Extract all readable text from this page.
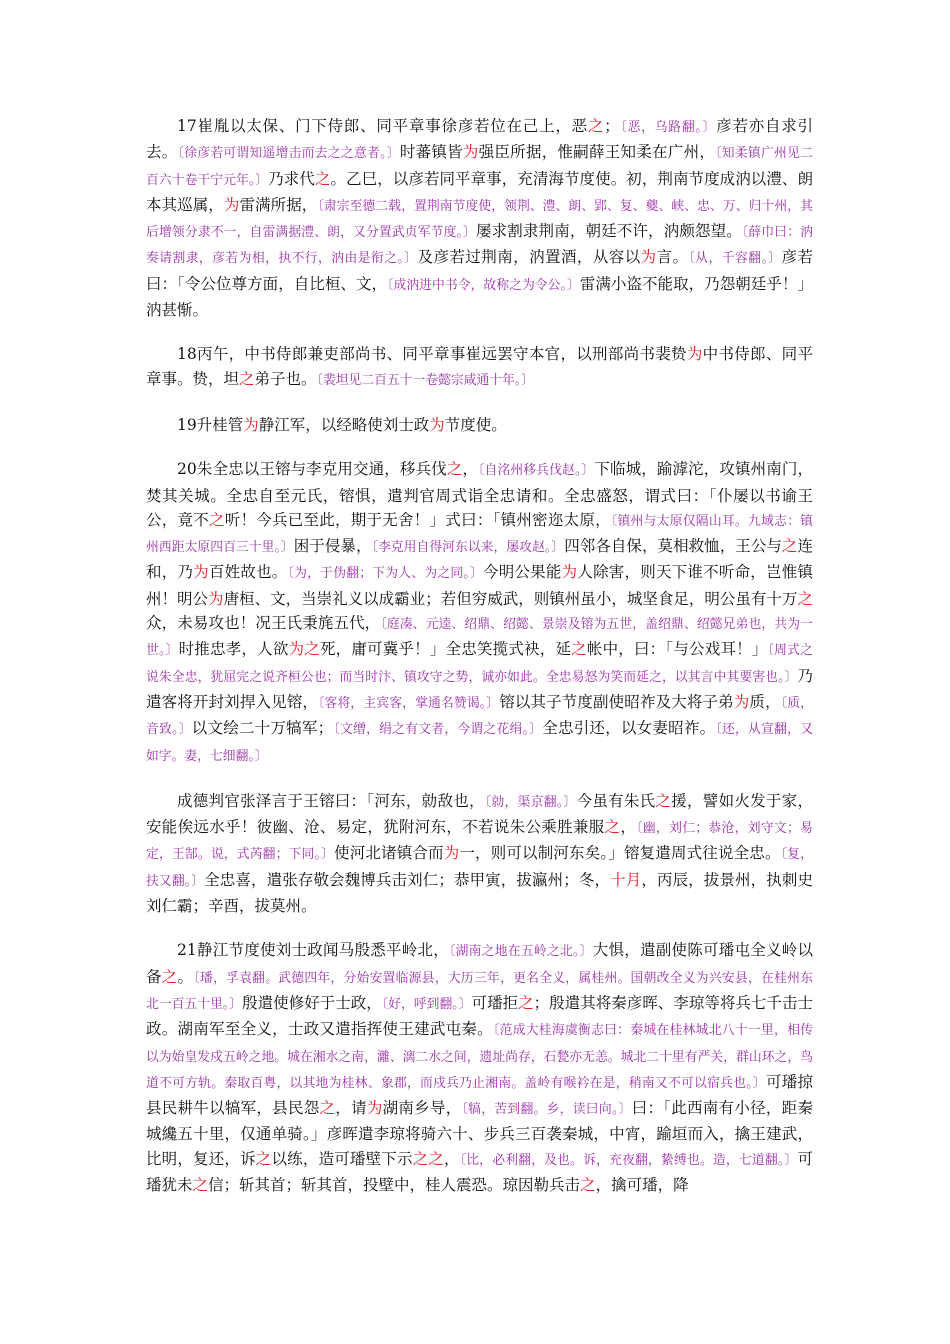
17崔胤以太保、门下侍郎、同平章事徐彦若位在己上，恶之；〔恶，乌路翻。〕彦若亦自求引去。〔徐彦若可谓知遥增击而去之之意者。〕时蕃镇皆为强臣所据，惟嗣薛王知柔在广州，〔知柔镇广州见二百六十卷干宁元年。〕乃求代之。乙巳，以彦若同平章事，充清海节度使。初，荆南节度成汭以澧、朗本其巡属，为雷满所据，〔肃宗至德二载，置荆南节度使，领荆、澧、朗、郢、复、夔、峡、忠、万、归十州，其后增领分隶不一，自雷满据澧、朗，又分置武贞军节度。〕屡求割隶荆南，朝廷不许，汭颇怨望。〔薛巾曰：汭奏请割隶，彦若为相，执不行，汭由是衔之。〕及彦若过荆南，汭置酒，从容以为言。〔从，千容翻。〕彦若曰：「令公位尊方面，自比桓、文，〔成汭进中书令，故称之为令公。〕雷满小盗不能取，乃怨朝廷乎！」汭甚惭。

18丙午，中书侍郎兼吏部尚书、同平章事崔远罢守本官，以刑部尚书裴贽为中书侍郎、同平章事。贽，坦之弟子也。〔裴坦见二百五十一卷懿宗咸通十年。〕

19升桂管为静江军，以经略使刘士政为节度使。

20朱全忠以王镕与李克用交通，移兵伐之，〔自洺州移兵伐赵。〕下临城，踰滹沱，攻镇州南门，焚其关城。全忠自至元氏，镕惧，遣判官周式诣全忠请和。全忠盛怒，谓式曰：「仆屡以书谕王公，竟不之听！今兵已至此，期于无舍！」式曰：「镇州密迩太原，〔镇州与太原仅隔山耳。九域志：镇州西距太原四百三十里。〕困于侵暴，〔李克用自得河东以来，屡攻赵。〕四邻各自保，莫相救恤，王公与之连和，乃为百姓故也。〔为，于伪翻；下为人、为之同。〕今明公果能为人除害，则天下谁不听命，岂惟镇州！明公为唐桓、文，当崇礼义以成霸业；若但穷威武，则镇州虽小，城坚食足，明公虽有十万之众，未易攻也！况王氏秉旄五代，〔庭凑、元逵、绍鼎、绍懿、景崇及镕为五世，盖绍鼎、绍懿兄弟也，共为一世。〕时推忠孝，人欲为之死，庸可冀乎！」全忠笑揽式袂，延之帐中，曰：「与公戏耳！」〔周式之说朱全忠，犹屈完之说齐桓公也；而当时汴、镇攻守之势，诚亦如此。全忠易怒为笑而延之，以其言中其要害也。〕乃遣客将开封刘捍入见镕，〔客将，主宾客，掌通名赞谒。〕镕以其子节度副使昭祚及大将子弟为质，〔质，音致。〕以文绘二十万犒军；〔文缯，绢之有文者，今谓之花绢。〕全忠引还，以女妻昭祚。〔还，从宣翻，又如字。妻，七细翻。〕

成德判官张泽言于王镕曰：「河东，勍敌也，〔勍，渠京翻。〕今虽有朱氏之援，譬如火发于家，安能俟远水乎！彼幽、沧、易定，犹附河东，不若说朱公乘胜兼服之，〔幽，刘仁；恭沧，刘守文；易定，王郜。说，式芮翻；下同。〕使河北诸镇合而为一，则可以制河东矣。」镕复遣周式往说全忠。〔复，扶又翻。〕全忠喜，遣张存敬会魏博兵击刘仁；恭甲寅，拔瀛州；冬，十月，丙辰，拔景州，执刺史刘仁霸；辛酉，拔莫州。

21静江节度使刘士政闻马殷悉平岭北，〔湖南之地在五岭之北。〕大惧，遣副使陈可璠屯全义岭以备之。〔璠，孚袁翻。武德四年，分始安置临源县，大历三年，更名全义，属桂州。国朝改全义为兴安县，在桂州东北一百五十里。〕殷遣使修好于士政，〔好，呼到翻。〕可璠拒之；殷遣其将秦彦晖、李琼等将兵七千击士政。湖南军至全义，士政又遣指挥使王建武屯秦。〔范成大桂海虞衡志曰：秦城在桂林城北八十一里，相传以为始皇发戍五岭之地。城在湘水之南，灕、漓二水之间，遗址尚存，石甃亦无恙。城北二十里有严关，群山环之，鸟道不可方轨。秦取百粤，以其地为桂林、象郡，而戍兵乃止湘南。盖岭有喉衿在是，稍南又不可以宿兵也。〕可璠掠县民耕牛以犒军，县民怨之，请为湖南乡导，〔犒，苦到翻。乡，读曰向。〕曰：「此西南有小径，距秦城纔五十里，仅通单骑。」彦晖遣李琼将骑六十、步兵三百袭秦城，中宵，踰垣而入，擒王建武，比明，复还，诉之以练，造可璠壁下示之之，〔比，必利翻，及也。诉，充夜翻，絷缚也。造，七道翻。〕可璠犹未之信；斩其首；斩其首，投壁中，桂人震恐。琼因勒兵击之，擒可璠，降
